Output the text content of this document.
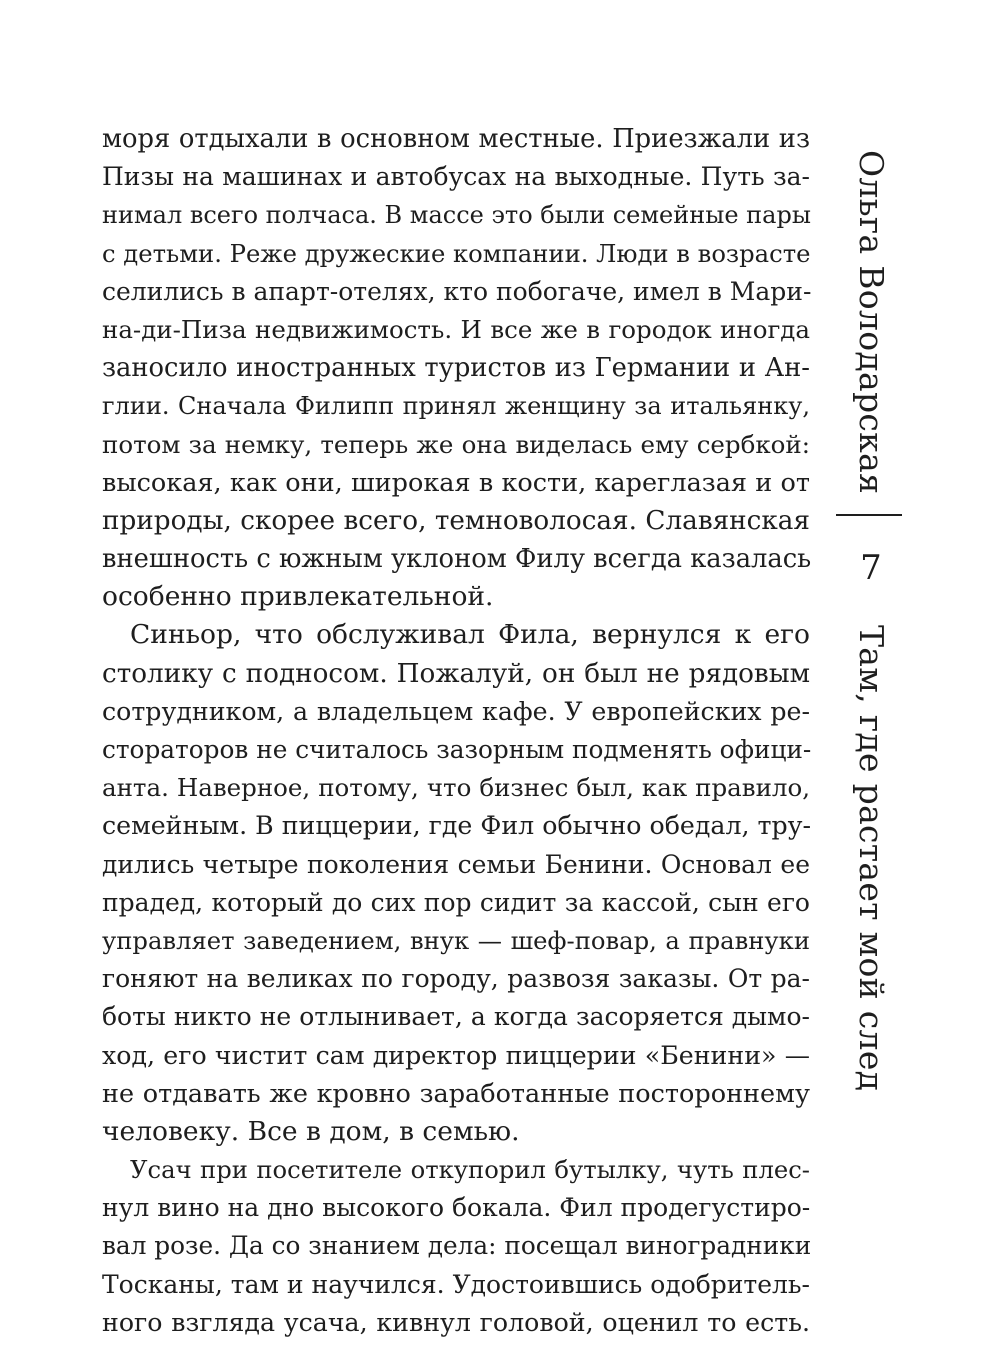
моря отдыхали в основном местные. Приезжали из
Пизы на машинах и автобусах на выходные. Путь за-
нимал всего полчаса. В массе это были семейные пары
с детьми. Реже дружеские компании. Люди в возрасте
селились в апарт-отелях, кто побогаче, имел в Мари-
на-ди-Пиза недвижимость. И все же в городок иногда
заносило иностранных туристов из Германии и Ан-
глии. Сначала Филипп принял женщину за итальянку,
потом за немку, теперь же она виделась ему сербкой:
высокая, как они, широкая в кости, кареглазая и от
природы, скорее всего, темноволосая. Славянская
внешность с южным уклоном Филу всегда казалась
особенно привлекательной.
Синьор, что обслуживал Фила, вернулся к его
столику с подносом. Пожалуй, он был не рядовым
сотрудником, а владельцем кафе. У европейских ре-
стораторов не считалось зазорным подменять офици-
анта. Наверное, потому, что бизнес был, как правило,
семейным. В пиццерии, где Фил обычно обедал, тру-
дились четыре поколения семьи Бенини. Основал ее
прадед, который до сих пор сидит за кассой, сын его
управляет заведением, внук — шеф-повар, а правнуки
гоняют на великах по городу, развозя заказы. От ра-
боты никто не отлынивает, а когда засоряется дымо-
ход, его чистит сам директор пиццерии «Бенини» —
не отдавать же кровно заработанные постороннему
человеку. Все в дом, в семью.
Усач при посетителе откупорил бутылку, чуть плес-
нул вино на дно высокого бокала. Фил продегустиро-
вал розе. Да со знанием дела: посещал виноградники
Тосканы, там и научился. Удостоившись одобритель-
ного взгляда усача, кивнул головой, оценил то есть.
Ольга Володарская
7
Там, где растает мой след
